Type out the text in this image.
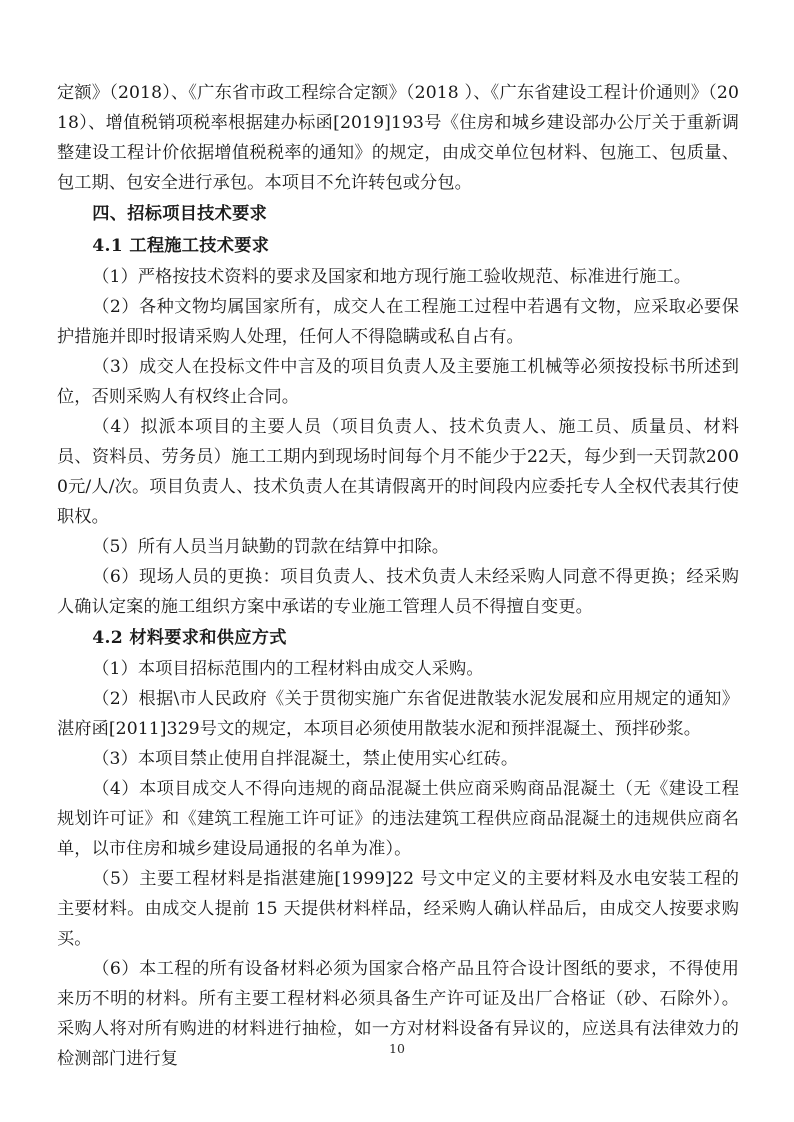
定额》（2018）、《广东省市政工程综合定额》（2018 ）、《广东省建设工程计价通则》（2018）、增值税销项税率根据建办标函[2019]193号《住房和城乡建设部办公厅关于重新调整建设工程计价依据增值税税率的通知》的规定，由成交单位包材料、包施工、包质量、包工期、包安全进行承包。本项目不允许转包或分包。

四、招标项目技术要求
4.1 工程施工技术要求

（1）严格按技术资料的要求及国家和地方现行施工验收规范、标准进行施工。

（2）各种文物均属国家所有，成交人在工程施工过程中若遇有文物，应采取必要保护措施并即时报请采购人处理，任何人不得隐瞒或私自占有。

（3）成交人在投标文件中言及的项目负责人及主要施工机械等必须按投标书所述到位，否则采购人有权终止合同。

（4）拟派本项目的主要人员（项目负责人、技术负责人、施工员、质量员、材料员、资料员、劳务员）施工工期内到现场时间每个月不能少于22天，每少到一天罚款2000元/人/次。项目负责人、技术负责人在其请假离开的时间段内应委托专人全权代表其行使职权。

（5）所有人员当月缺勤的罚款在结算中扣除。

（6）现场人员的更换：项目负责人、技术负责人未经采购人同意不得更换；经采购人确认定案的施工组织方案中承诺的专业施工管理人员不得擅自变更。

4.2 材料要求和供应方式

（1）本项目招标范围内的工程材料由成交人采购。

（2）根据\市人民政府《关于贯彻实施广东省促进散装水泥发展和应用规定的通知》湛府函[2011]329号文的规定，本项目必须使用散装水泥和预拌混凝土、预拌砂浆。

（3）本项目禁止使用自拌混凝土，禁止使用实心红砖。

（4）本项目成交人不得向违规的商品混凝土供应商采购商品混凝土（无《建设工程规划许可证》和《建筑工程施工许可证》的违法建筑工程供应商品混凝土的违规供应商名单，以市住房和城乡建设局通报的名单为准）。

（5）主要工程材料是指湛建施[1999]22 号文中定义的主要材料及水电安装工程的主要材料。由成交人提前 15 天提供材料样品，经采购人确认样品后，由成交人按要求购买。

（6）本工程的所有设备材料必须为国家合格产品且符合设计图纸的要求，不得使用来历不明的材料。所有主要工程材料必须具备生产许可证及出厂合格证（砂、石除外）。采购人将对所有购进的材料进行抽检，如一方对材料设备有异议的，应送具有法律效力的检测部门进行复

10
